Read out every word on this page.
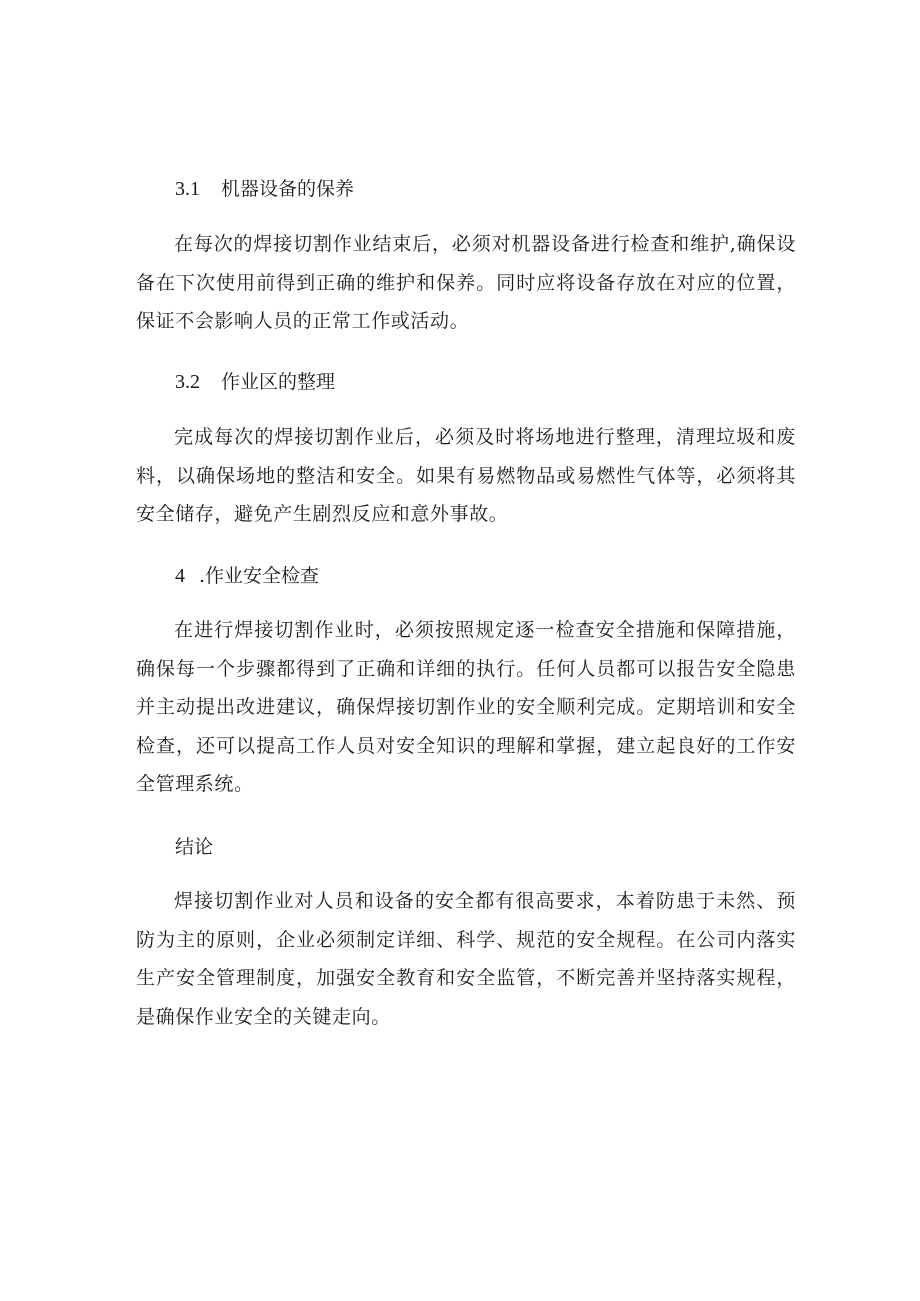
3.1 机器设备的保养
在每次的焊接切割作业结束后，必须对机器设备进行检查和维护,确保设备在下次使用前得到正确的维护和保养。同时应将设备存放在对应的位置，保证不会影响人员的正常工作或活动。
3.2 作业区的整理
完成每次的焊接切割作业后，必须及时将场地进行整理，清理垃圾和废料，以确保场地的整洁和安全。如果有易燃物品或易燃性气体等，必须将其安全储存，避免产生剧烈反应和意外事故。
4 .作业安全检查
在进行焊接切割作业时，必须按照规定逐一检查安全措施和保障措施，确保每一个步骤都得到了正确和详细的执行。任何人员都可以报告安全隐患并主动提出改进建议，确保焊接切割作业的安全顺利完成。定期培训和安全检查，还可以提高工作人员对安全知识的理解和掌握，建立起良好的工作安全管理系统。
结论
焊接切割作业对人员和设备的安全都有很高要求，本着防患于未然、预防为主的原则，企业必须制定详细、科学、规范的安全规程。在公司内落实生产安全管理制度，加强安全教育和安全监管，不断完善并坚持落实规程，是确保作业安全的关键走向。
